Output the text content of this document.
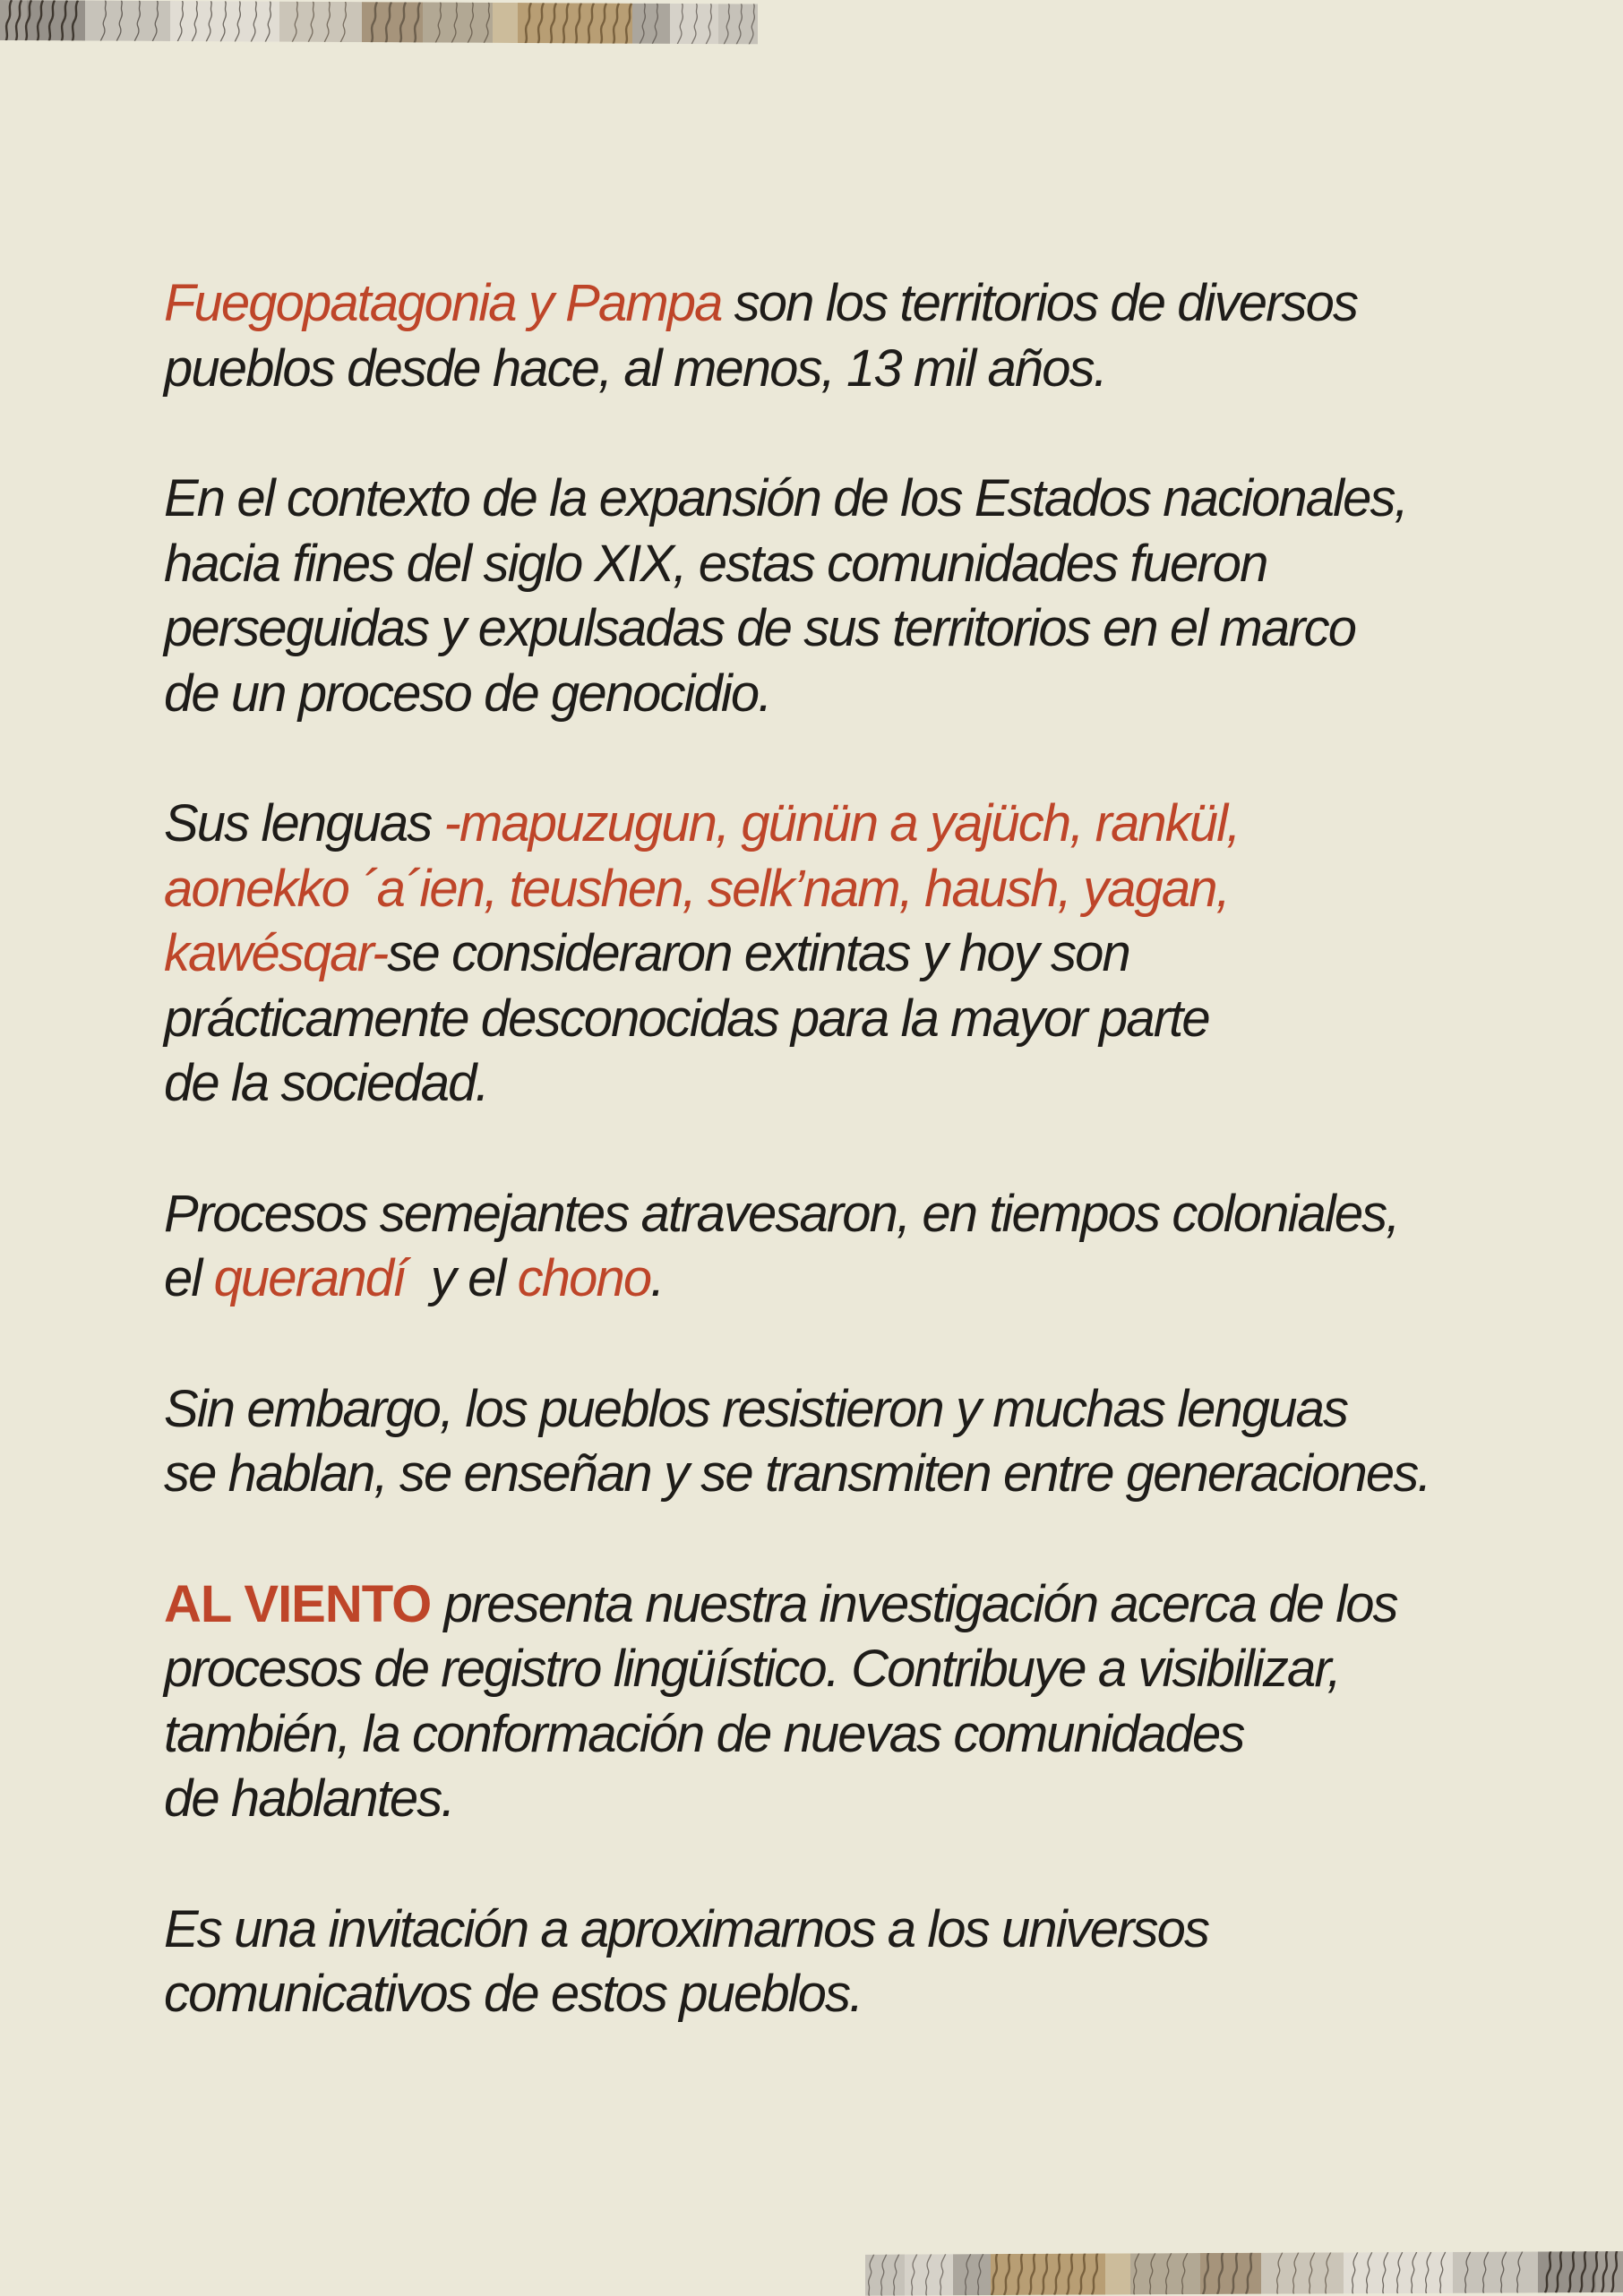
Fuegopatagonia y Pampa son los territorios de diversos
pueblos desde hace, al menos, 13 mil años.

En el contexto de la expansión de los Estados nacionales,
hacia fines del siglo XIX, estas comunidades fueron
perseguidas y expulsadas de sus territorios en el marco
de un proceso de genocidio.

Sus lenguas -mapuzugun, günün a yajüch, rankül,
aonekko ´a´ien, teushen, selk’nam, haush, yagan,
kawésqar-se consideraron extintas y hoy son
prácticamente desconocidas para la mayor parte
de la sociedad.

Procesos semejantes atravesaron, en tiempos coloniales,
el querandí  y el chono.

Sin embargo, los pueblos resistieron y muchas lenguas
se hablan, se enseñan y se transmiten entre generaciones.

AL VIENTO presenta nuestra investigación acerca de los
procesos de registro lingüístico. Contribuye a visibilizar,
también, la conformación de nuevas comunidades
de hablantes.

Es una invitación a aproximarnos a los universos
comunicativos de estos pueblos.
